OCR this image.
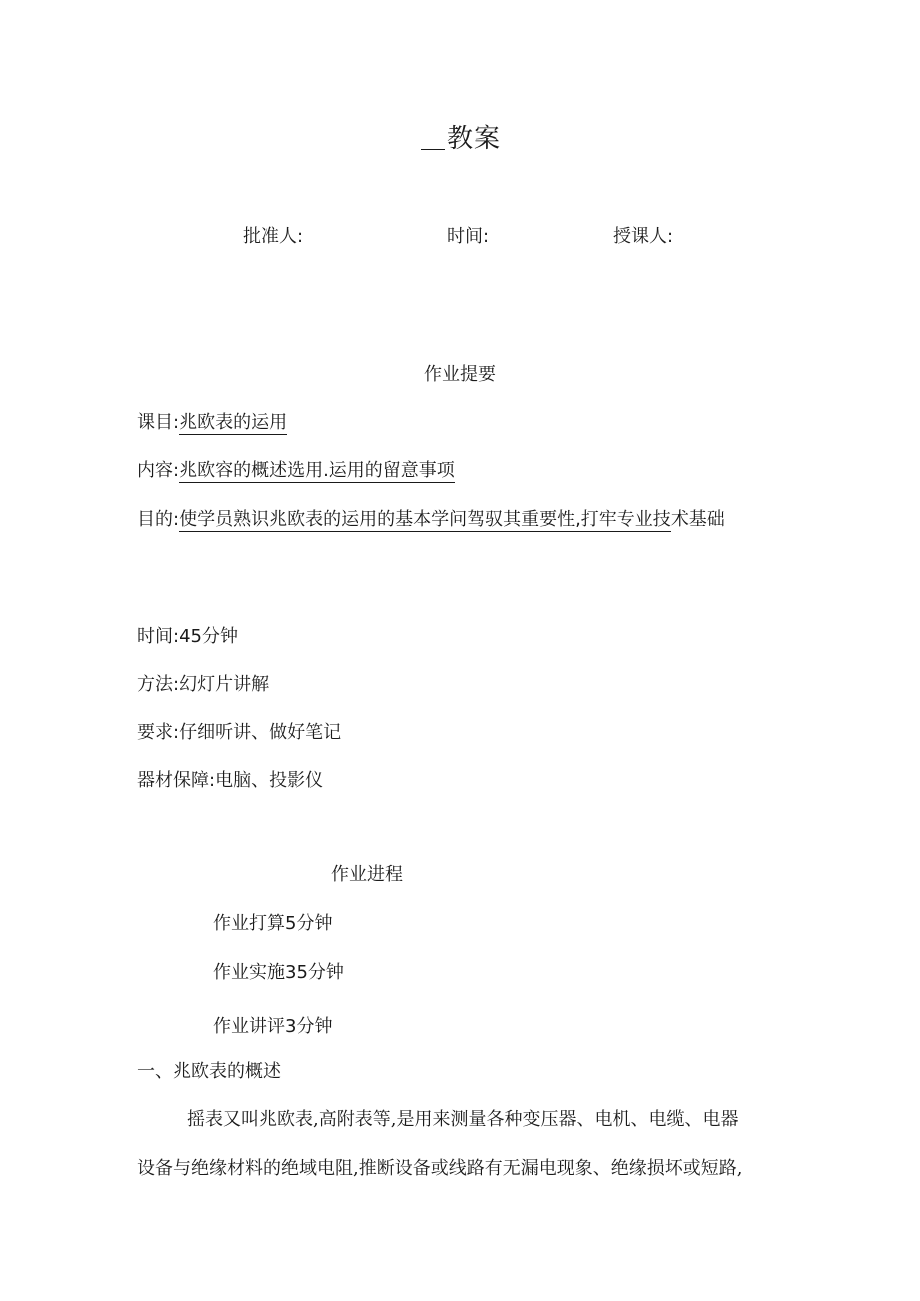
教案
批准人:	时间:	授课人:
作业提要
课目:兆欧表的运用
内容:兆欧容的概述选用.运用的留意事项
目的:使学员熟识兆欧表的运用的基本学问驾驭其重要性,打牢专业技术基础
时间:45分钟
方法:幻灯片讲解
要求:仔细听讲、做好笔记
器材保障:电脑、投影仪
作业进程
作业打算5分钟
作业实施35分钟
作业讲评3分钟
一、兆欧表的概述
摇表又叫兆欧表,高附表等,是用来测量各种变压器、电机、电缆、电器
设备与绝缘材料的绝域电阻,推断设备或线路有无漏电现象、绝缘损坏或短路,
